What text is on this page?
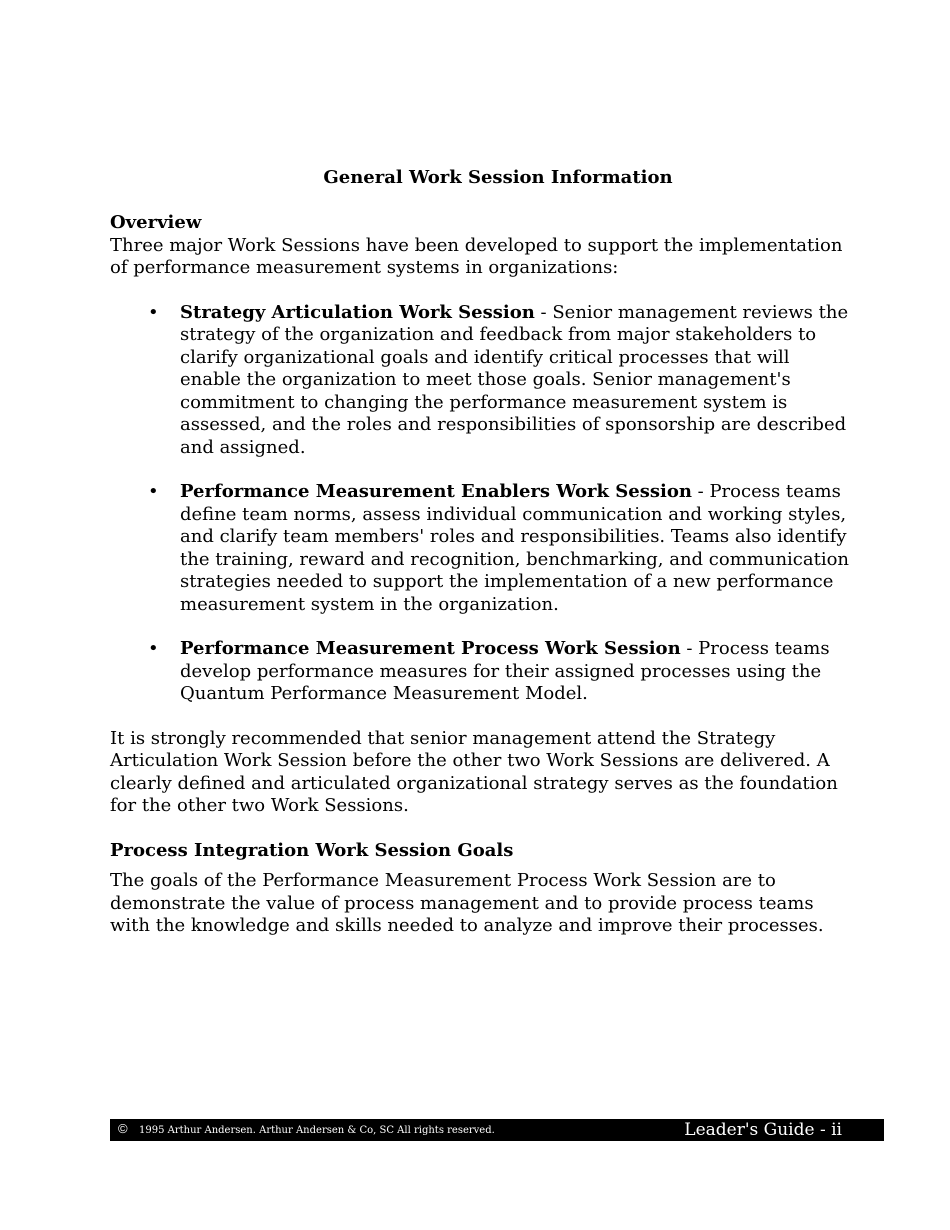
General Work Session Information

Overview

Three major Work Sessions have been developed to support the implementation of performance measurement systems in organizations:

• Strategy Articulation Work Session - Senior management reviews the strategy of the organization and feedback from major stakeholders to clarify organizational goals and identify critical processes that will enable the organization to meet those goals. Senior management's commitment to changing the performance measurement system is assessed, and the roles and responsibilities of sponsorship are described and assigned.
• Performance Measurement Enablers Work Session - Process teams define team norms, assess individual communication and working styles, and clarify team members' roles and responsibilities. Teams also identify the training, reward and recognition, benchmarking, and communication strategies needed to support the implementation of a new performance measurement system in the organization.
• Performance Measurement Process Work Session - Process teams develop performance measures for their assigned processes using the Quantum Performance Measurement Model.

It is strongly recommended that senior management attend the Strategy Articulation Work Session before the other two Work Sessions are delivered. A clearly defined and articulated organizational strategy serves as the foundation for the other two Work Sessions.

Process Integration Work Session Goals

The goals of the Performance Measurement Process Work Session are to demonstrate the value of process management and to provide process teams with the knowledge and skills needed to analyze and improve their processes.

© 1995 Arthur Andersen. Arthur Andersen & Co, SC All rights reserved.	Leader's Guide - ii
